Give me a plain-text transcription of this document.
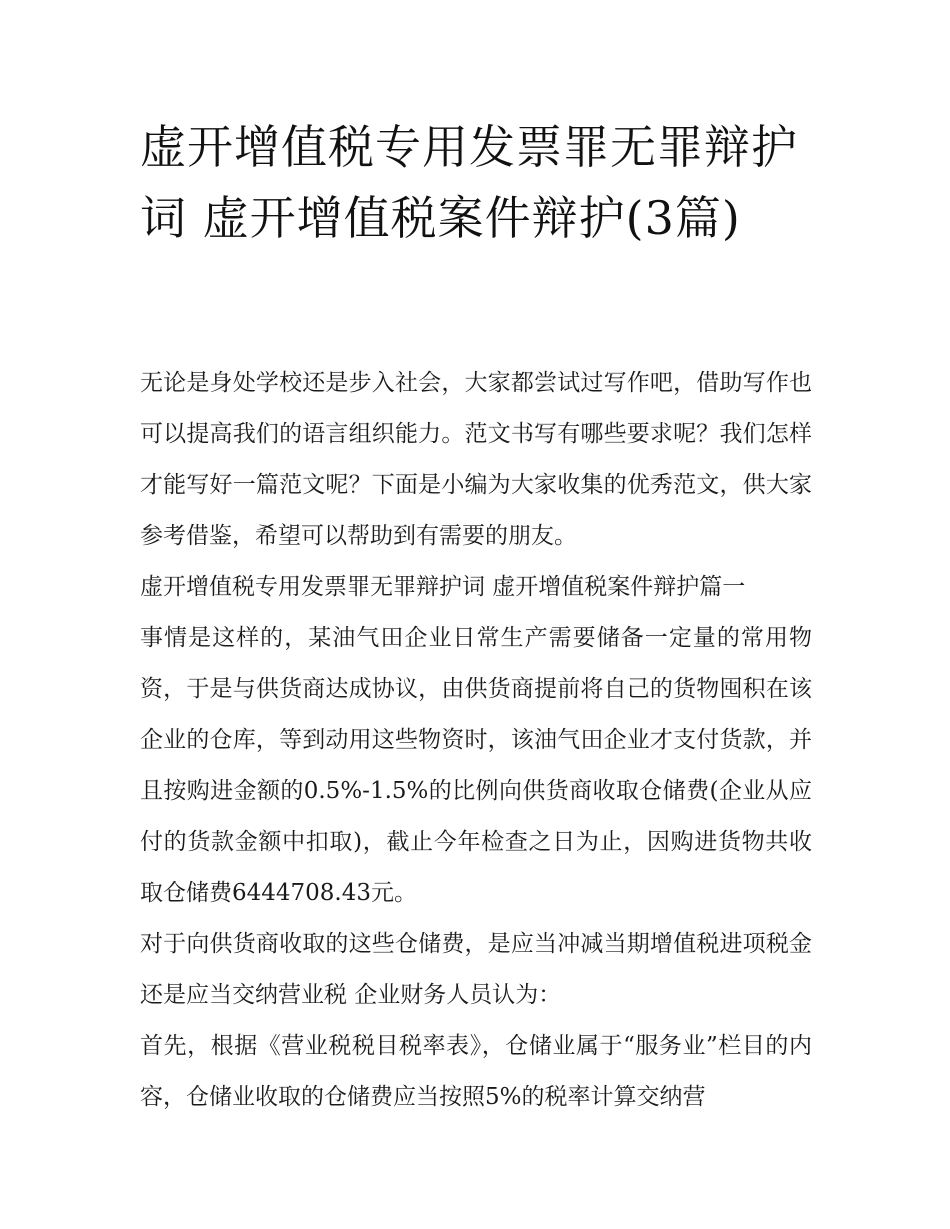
虚开增值税专用发票罪无罪辩护词 虚开增值税案件辩护(3篇)

无论是身处学校还是步入社会，大家都尝试过写作吧，借助写作也可以提高我们的语言组织能力。范文书写有哪些要求呢？我们怎样才能写好一篇范文呢？下面是小编为大家收集的优秀范文，供大家参考借鉴，希望可以帮助到有需要的朋友。

虚开增值税专用发票罪无罪辩护词 虚开增值税案件辩护篇一

事情是这样的，某油气田企业日常生产需要储备一定量的常用物资，于是与供货商达成协议，由供货商提前将自己的货物囤积在该企业的仓库，等到动用这些物资时，该油气田企业才支付货款，并且按购进金额的0.5%-1.5%的比例向供货商收取仓储费(企业从应付的货款金额中扣取)，截止今年检查之日为止，因购进货物共收取仓储费6444708.43元。

对于向供货商收取的这些仓储费，是应当冲减当期增值税进项税金 还是应当交纳营业税 企业财务人员认为：

首先，根据《营业税税目税率表》，仓储业属于“服务业”栏目的内容，仓储业收取的仓储费应当按照5%的税率计算交纳营
